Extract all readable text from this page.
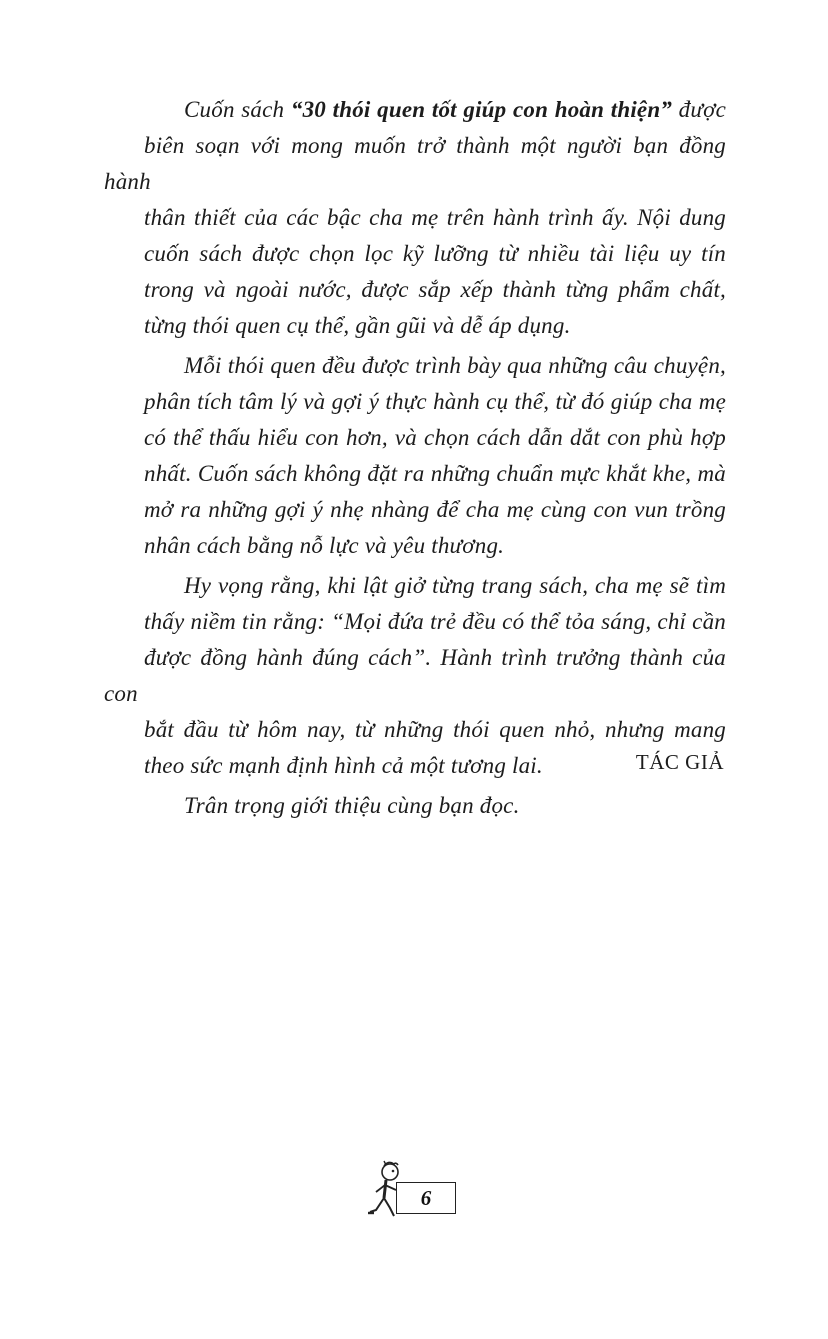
Cuốn sách “30 thói quen tốt giúp con hoàn thiện” được
biên soạn với mong muốn trở thành một người bạn đồng hành
thân thiết của các bậc cha mẹ trên hành trình ấy. Nội dung
cuốn sách được chọn lọc kỹ lưỡng từ nhiều tài liệu uy tín
trong và ngoài nước, được sắp xếp thành từng phẩm chất,
từng thói quen cụ thể, gần gũi và dễ áp dụng.

Mỗi thói quen đều được trình bày qua những câu chuyện,
phân tích tâm lý và gợi ý thực hành cụ thể, từ đó giúp cha mẹ
có thể thấu hiểu con hơn, và chọn cách dẫn dắt con phù hợp
nhất. Cuốn sách không đặt ra những chuẩn mực khắt khe, mà
mở ra những gợi ý nhẹ nhàng để cha mẹ cùng con vun trồng
nhân cách bằng nỗ lực và yêu thương.

Hy vọng rằng, khi lật giở từng trang sách, cha mẹ sẽ tìm
thấy niềm tin rằng: “Mọi đứa trẻ đều có thể tỏa sáng, chỉ cần
được đồng hành đúng cách”. Hành trình trưởng thành của con
bắt đầu từ hôm nay, từ những thói quen nhỏ, nhưng mang
theo sức mạnh định hình cả một tương lai.

Trân trọng giới thiệu cùng bạn đọc.

TÁC GIẢ
6
